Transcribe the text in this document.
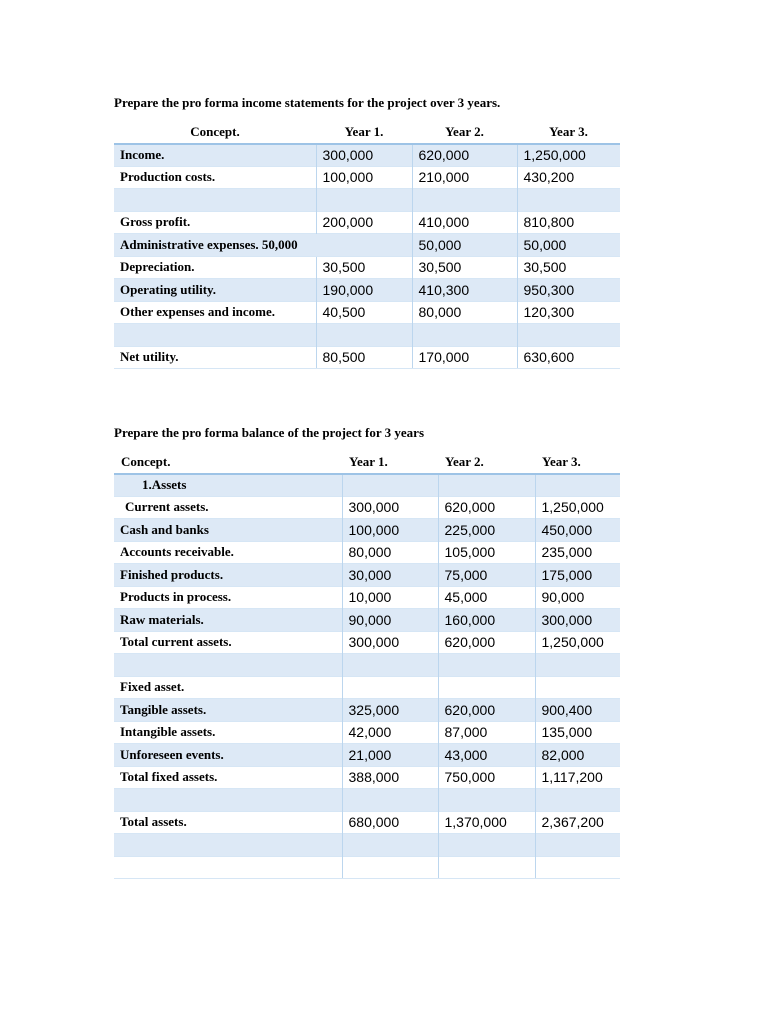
Prepare the pro forma income statements for the project over 3 years.
Concept.	Year 1.	Year 2.	Year 3.
Income.	300,000	620,000	1,250,000
Production costs.	100,000	210,000	430,200

Gross profit.	200,000	410,000	810,800
Administrative expenses. 50,000		50,000	50,000
Depreciation.	30,500	30,500	30,500
Operating utility.	190,000	410,300	950,300
Other expenses and income.	40,500	80,000	120,300

Net utility.	80,500	170,000	630,600
Prepare the pro forma balance of the project for 3 years
Concept.	Year 1.	Year 2.	Year 3.
1.Assets			
Current assets.	300,000	620,000	1,250,000
Cash and banks	100,000	225,000	450,000
Accounts receivable.	80,000	105,000	235,000
Finished products.	30,000	75,000	175,000
Products in process.	10,000	45,000	90,000
Raw materials.	90,000	160,000	300,000
Total current assets.	300,000	620,000	1,250,000

Fixed asset.			
Tangible assets.	325,000	620,000	900,400
Intangible assets.	42,000	87,000	135,000
Unforeseen events.	21,000	43,000	82,000
Total fixed assets.	388,000	750,000	1,117,200

Total assets.	680,000	1,370,000	2,367,200
